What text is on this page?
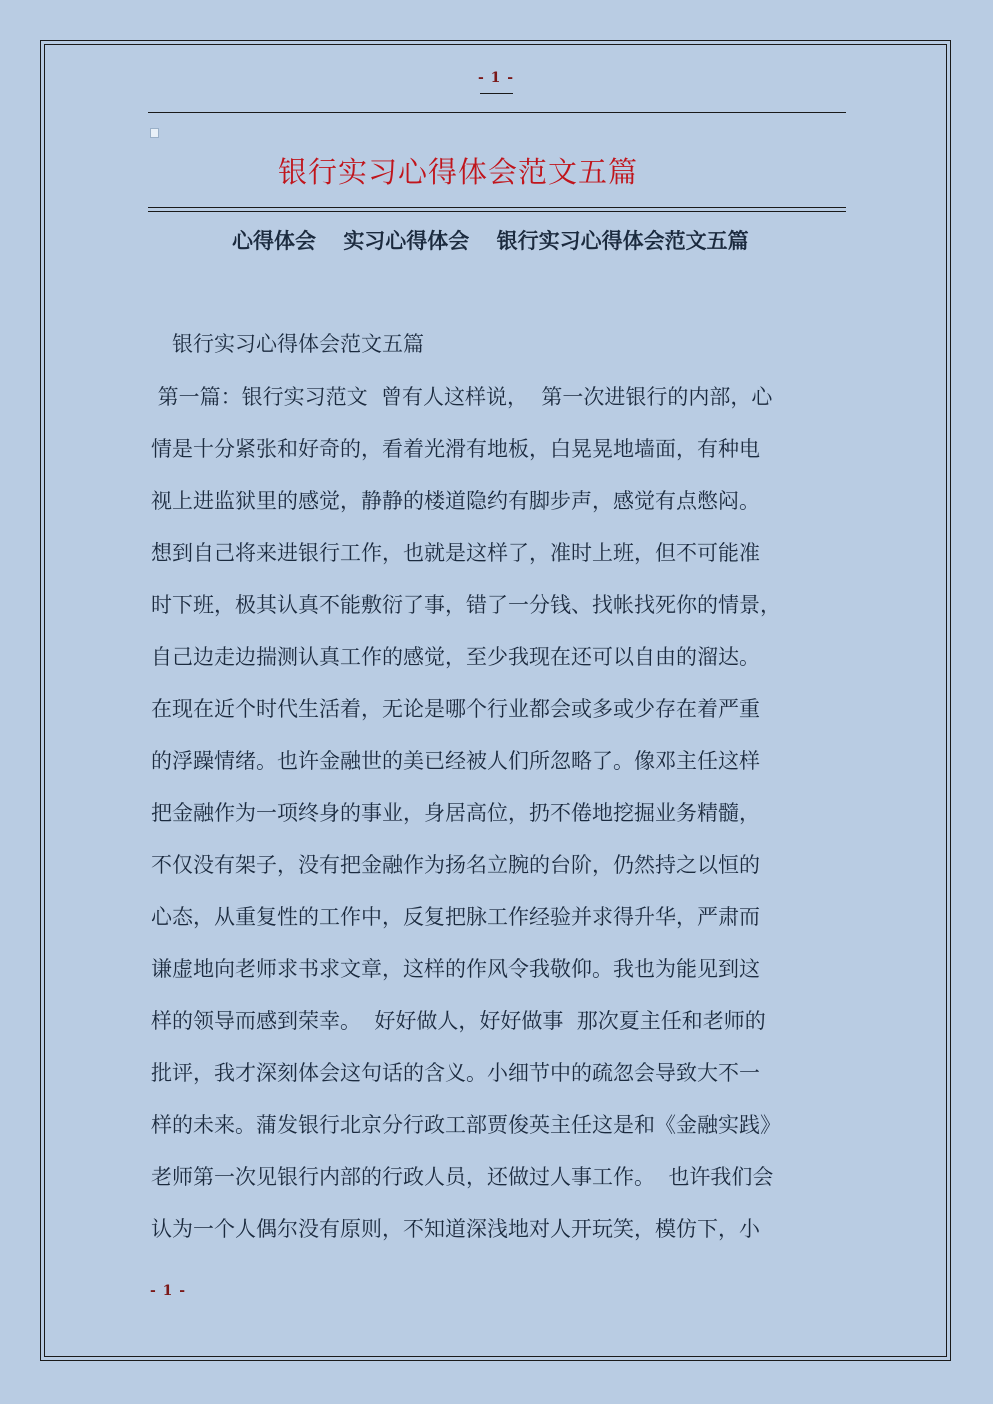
- 1 -
银行实习心得体会范文五篇
心得体会 实习心得体会 银行实习心得体会范文五篇
银行实习心得体会范文五篇
第一篇：银行实习范文  曾有人这样说，  第一次进银行的内部，心
情是十分紧张和好奇的，看着光滑有地板，白晃晃地墙面，有种电
视上进监狱里的感觉，静静的楼道隐约有脚步声，感觉有点憋闷。
想到自己将来进银行工作，也就是这样了，准时上班，但不可能准
时下班，极其认真不能敷衍了事，错了一分钱、找帐找死你的情景，
自己边走边揣测认真工作的感觉，至少我现在还可以自由的溜达。
在现在近个时代生活着，无论是哪个行业都会或多或少存在着严重
的浮躁情绪。也许金融世的美已经被人们所忽略了。像邓主任这样
把金融作为一项终身的事业，身居高位，扔不倦地挖掘业务精髓，
不仅没有架子，没有把金融作为扬名立腕的台阶，仍然持之以恒的
心态，从重复性的工作中，反复把脉工作经验并求得升华，严肃而
谦虚地向老师求书求文章，这样的作风令我敬仰。我也为能见到这
样的领导而感到荣幸。  好好做人，好好做事  那次夏主任和老师的
批评，我才深刻体会这句话的含义。小细节中的疏忽会导致大不一
样的未来。蒲发银行北京分行政工部贾俊英主任这是和《金融实践》
老师第一次见银行内部的行政人员，还做过人事工作。  也许我们会
认为一个人偶尔没有原则，不知道深浅地对人开玩笑，模仿下，小
- 1 -
